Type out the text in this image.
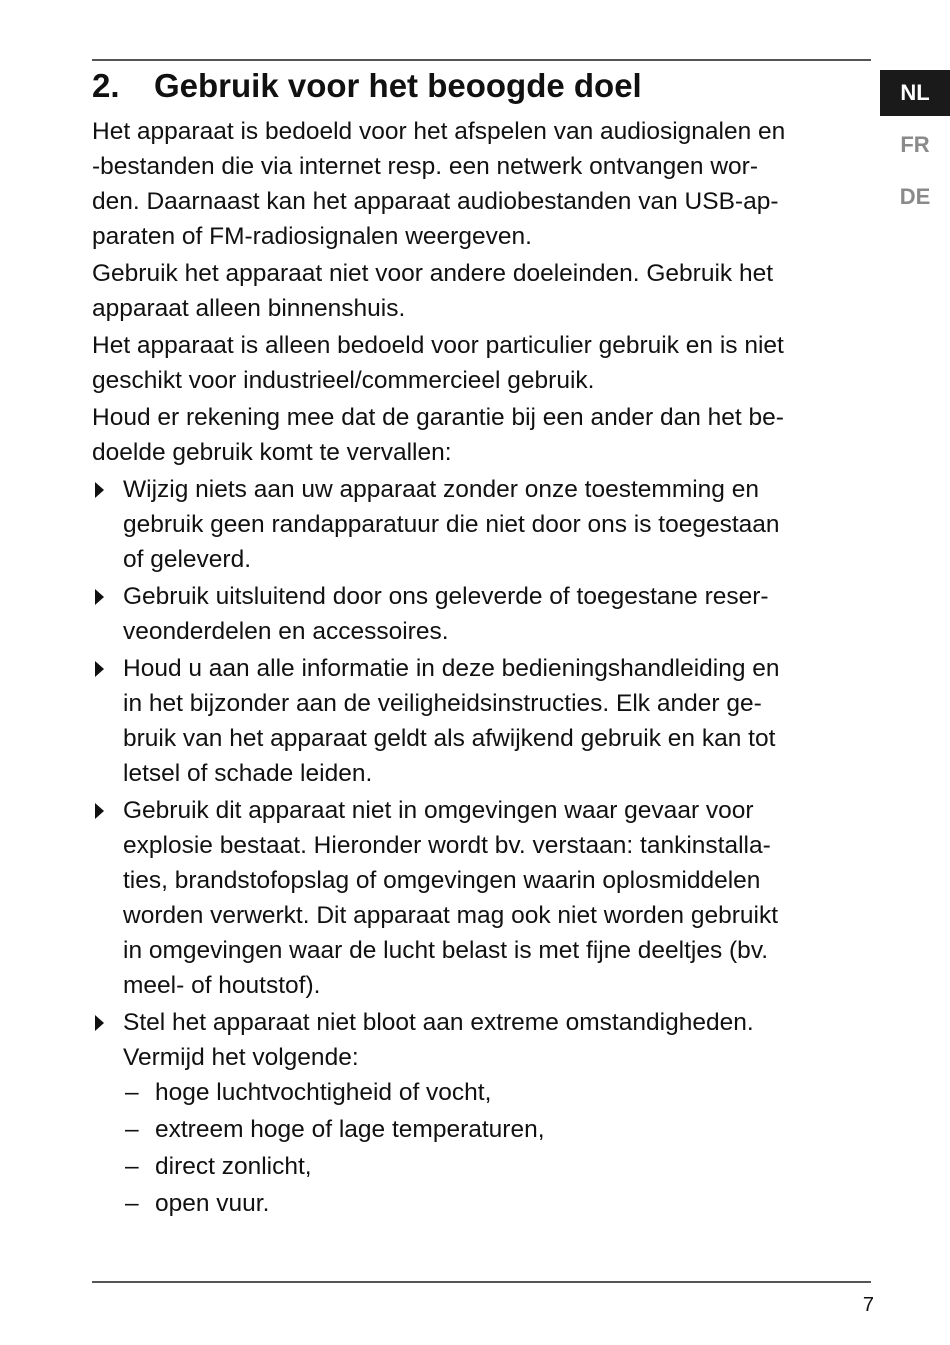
2. Gebruik voor het beoogde doel

Het apparaat is bedoeld voor het afspelen van audiosignalen en
-bestanden die via internet resp. een netwerk ontvangen wor-
den. Daarnaast kan het apparaat audiobestanden van USB-ap-
paraten of FM-radiosignalen weergeven.

Gebruik het apparaat niet voor andere doeleinden. Gebruik het
apparaat alleen binnenshuis.

Het apparaat is alleen bedoeld voor particulier gebruik en is niet
geschikt voor industrieel/commercieel gebruik.

Houd er rekening mee dat de garantie bij een ander dan het be-
doelde gebruik komt te vervallen:

Wijzig niets aan uw apparaat zonder onze toestemming en
gebruik geen randapparatuur die niet door ons is toegestaan
of geleverd.
Gebruik uitsluitend door ons geleverde of toegestane reser-
veonderdelen en accessoires.
Houd u aan alle informatie in deze bedieningshandleiding en
in het bijzonder aan de veiligheidsinstructies. Elk ander ge-
bruik van het apparaat geldt als afwijkend gebruik en kan tot
letsel of schade leiden.
Gebruik dit apparaat niet in omgevingen waar gevaar voor
explosie bestaat. Hieronder wordt bv. verstaan: tankinstalla-
ties, brandstofopslag of omgevingen waarin oplosmiddelen
worden verwerkt. Dit apparaat mag ook niet worden gebruikt
in omgevingen waar de lucht belast is met fijne deeltjes (bv.
meel- of houtstof).
Stel het apparaat niet bloot aan extreme omstandigheden.
Vermijd het volgende:
– hoge luchtvochtigheid of vocht,
– extreem hoge of lage temperaturen,
– direct zonlicht,
– open vuur.
NL
FR
DE
7
